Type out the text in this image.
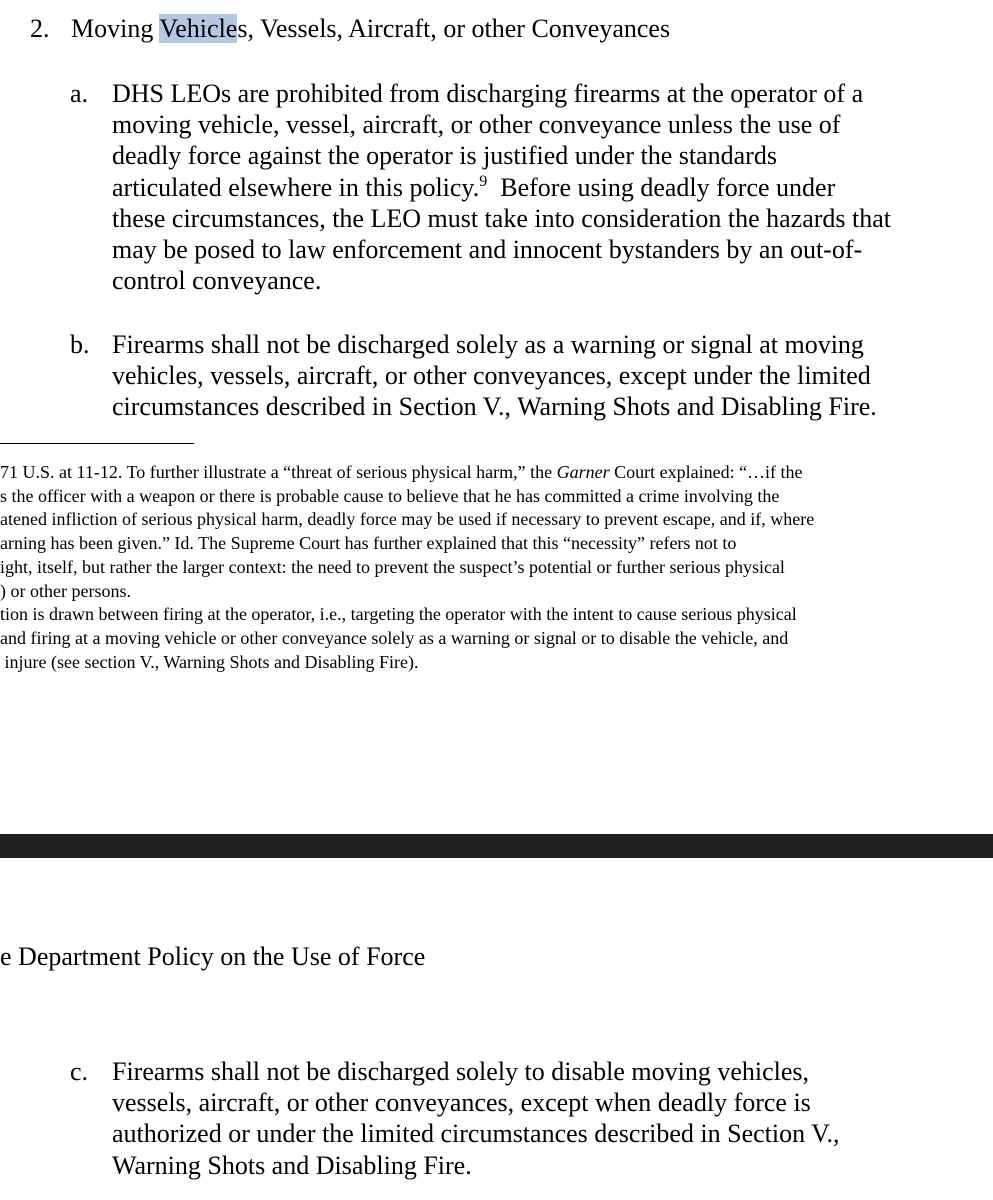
2. Moving Vehicles, Vessels, Aircraft, or other Conveyances
a. DHS LEOs are prohibited from discharging firearms at the operator of a
moving vehicle, vessel, aircraft, or other conveyance unless the use of
deadly force against the operator is justified under the standards
articulated elsewhere in this policy.$^9$  Before using deadly force under
these circumstances, the LEO must take into consideration the hazards that
may be posed to law enforcement and innocent bystanders by an out-of-
control conveyance.
b. Firearms shall not be discharged solely as a warning or signal at moving
vehicles, vessels, aircraft, or other conveyances, except under the limited
circumstances described in Section V., Warning Shots and Disabling Fire.
71 U.S. at 11-12. To further illustrate a “threat of serious physical harm,” the Garner Court explained: “…if the
s the officer with a weapon or there is probable cause to believe that he has committed a crime involving the
atened infliction of serious physical harm, deadly force may be used if necessary to prevent escape, and if, where
arning has been given.” Id. The Supreme Court has further explained that this “necessity” refers not to
ight, itself, but rather the larger context: the need to prevent the suspect’s potential or further serious physical
) or other persons.
tion is drawn between firing at the operator, i.e., targeting the operator with the intent to cause serious physical
and firing at a moving vehicle or other conveyance solely as a warning or signal or to disable the vehicle, and
injure (see section V., Warning Shots and Disabling Fire).
e Department Policy on the Use of Force
c. Firearms shall not be discharged solely to disable moving vehicles,
vessels, aircraft, or other conveyances, except when deadly force is
authorized or under the limited circumstances described in Section V.,
Warning Shots and Disabling Fire.
